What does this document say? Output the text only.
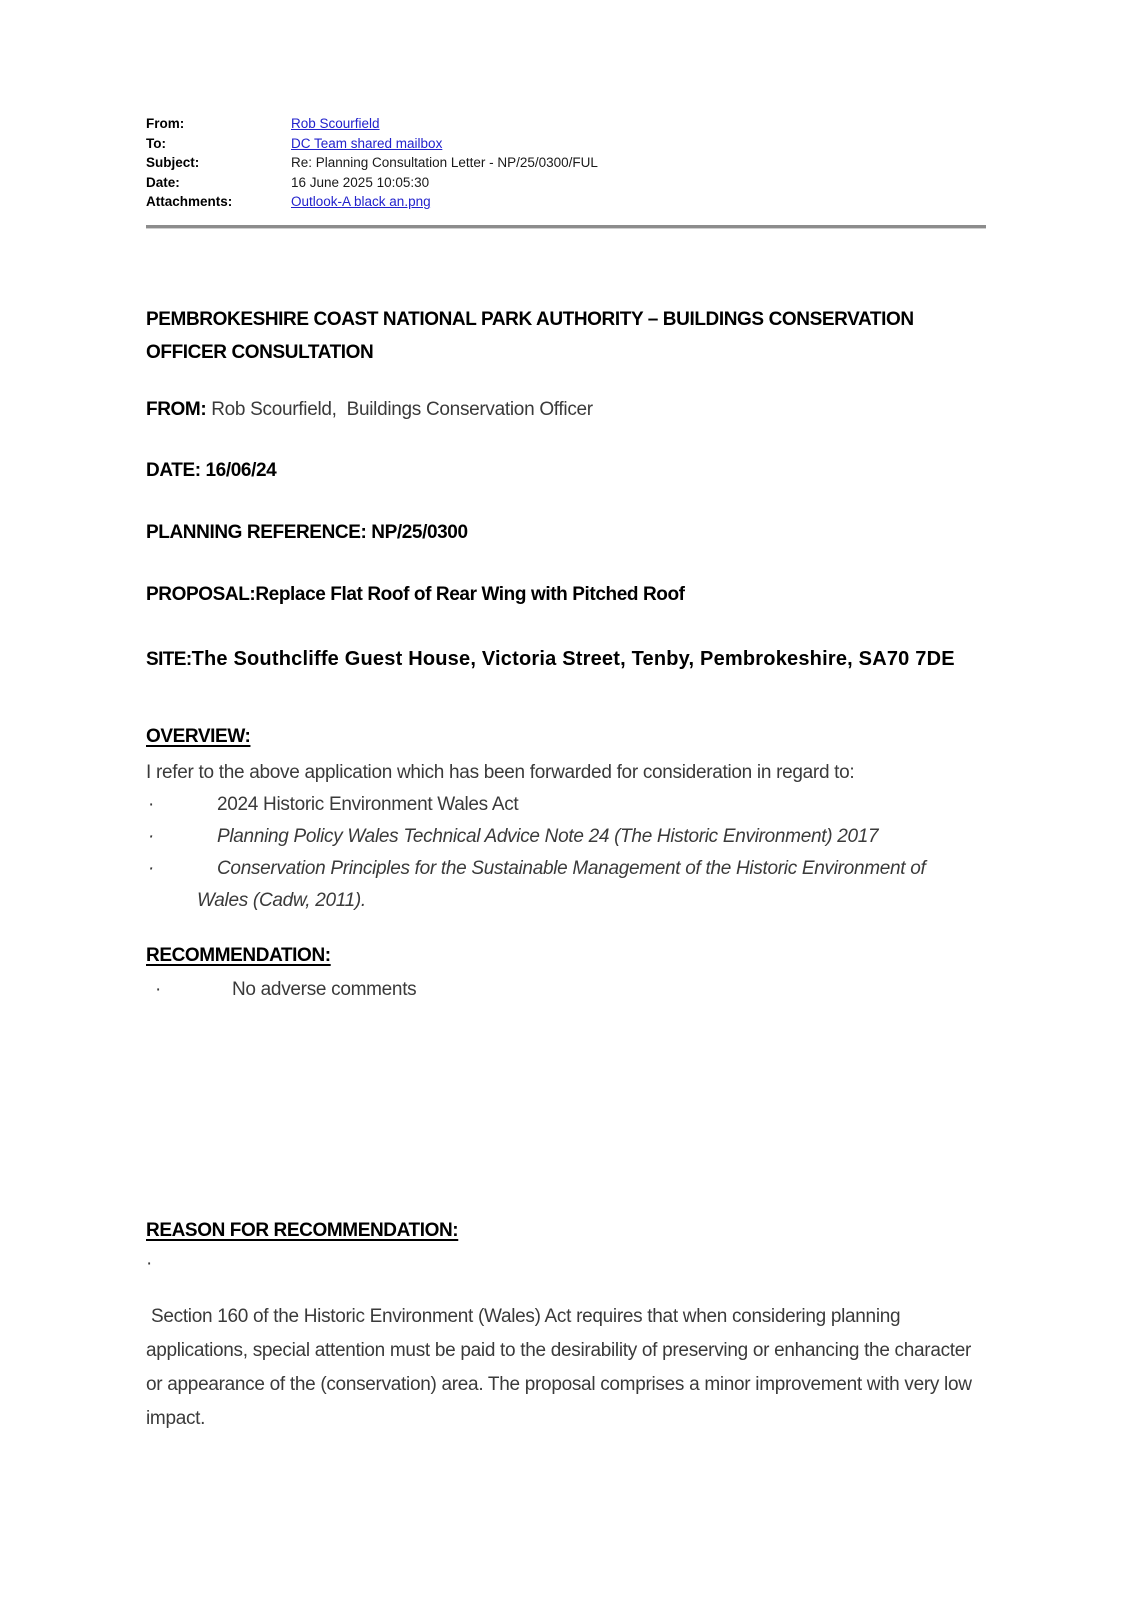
From:	Rob Scourfield
To:	DC Team shared mailbox
Subject:	Re: Planning Consultation Letter - NP/25/0300/FUL
Date:	16 June 2025 10:05:30
Attachments:	Outlook-A black an.png
PEMBROKESHIRE COAST NATIONAL PARK AUTHORITY – BUILDINGS CONSERVATION OFFICER CONSULTATION

FROM: Rob Scourfield,  Buildings Conservation Officer

DATE: 16/06/24

PLANNING REFERENCE: NP/25/0300

PROPOSAL:Replace Flat Roof of Rear Wing with Pitched Roof

SITE:The Southcliffe Guest House, Victoria Street, Tenby, Pembrokeshire, SA70 7DE

OVERVIEW:

I refer to the above application which has been forwarded for consideration in regard to:

·	2024 Historic Environment Wales Act
·	Planning Policy Wales Technical Advice Note 24 (The Historic Environment) 2017
·	Conservation Principles for the Sustainable Management of the Historic Environment of Wales (Cadw, 2011).
RECOMMENDATION:
·	No adverse comments
REASON FOR RECOMMENDATION:

·

Section 160 of the Historic Environment (Wales) Act requires that when considering planning applications, special attention must be paid to the desirability of preserving or enhancing the character or appearance of the (conservation) area. The proposal comprises a minor improvement with very low impact.
